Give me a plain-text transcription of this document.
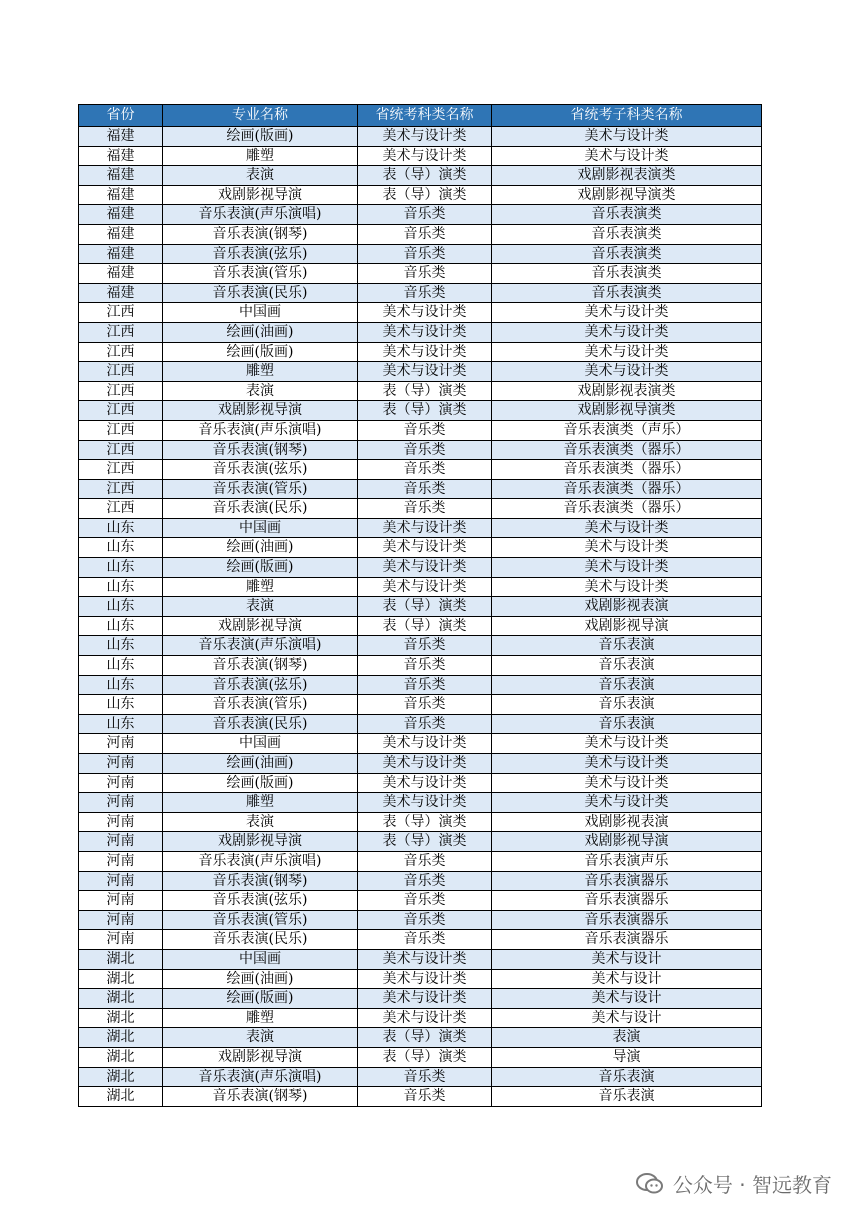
省份	专业名称	省统考科类名称	省统考子科类名称
福建	绘画(版画)	美术与设计类	美术与设计类
福建	雕塑	美术与设计类	美术与设计类
福建	表演	表（导）演类	戏剧影视表演类
福建	戏剧影视导演	表（导）演类	戏剧影视导演类
福建	音乐表演(声乐演唱)	音乐类	音乐表演类
福建	音乐表演(钢琴)	音乐类	音乐表演类
福建	音乐表演(弦乐)	音乐类	音乐表演类
福建	音乐表演(管乐)	音乐类	音乐表演类
福建	音乐表演(民乐)	音乐类	音乐表演类
江西	中国画	美术与设计类	美术与设计类
江西	绘画(油画)	美术与设计类	美术与设计类
江西	绘画(版画)	美术与设计类	美术与设计类
江西	雕塑	美术与设计类	美术与设计类
江西	表演	表（导）演类	戏剧影视表演类
江西	戏剧影视导演	表（导）演类	戏剧影视导演类
江西	音乐表演(声乐演唱)	音乐类	音乐表演类（声乐）
江西	音乐表演(钢琴)	音乐类	音乐表演类（器乐）
江西	音乐表演(弦乐)	音乐类	音乐表演类（器乐）
江西	音乐表演(管乐)	音乐类	音乐表演类（器乐）
江西	音乐表演(民乐)	音乐类	音乐表演类（器乐）
山东	中国画	美术与设计类	美术与设计类
山东	绘画(油画)	美术与设计类	美术与设计类
山东	绘画(版画)	美术与设计类	美术与设计类
山东	雕塑	美术与设计类	美术与设计类
山东	表演	表（导）演类	戏剧影视表演
山东	戏剧影视导演	表（导）演类	戏剧影视导演
山东	音乐表演(声乐演唱)	音乐类	音乐表演
山东	音乐表演(钢琴)	音乐类	音乐表演
山东	音乐表演(弦乐)	音乐类	音乐表演
山东	音乐表演(管乐)	音乐类	音乐表演
山东	音乐表演(民乐)	音乐类	音乐表演
河南	中国画	美术与设计类	美术与设计类
河南	绘画(油画)	美术与设计类	美术与设计类
河南	绘画(版画)	美术与设计类	美术与设计类
河南	雕塑	美术与设计类	美术与设计类
河南	表演	表（导）演类	戏剧影视表演
河南	戏剧影视导演	表（导）演类	戏剧影视导演
河南	音乐表演(声乐演唱)	音乐类	音乐表演声乐
河南	音乐表演(钢琴)	音乐类	音乐表演器乐
河南	音乐表演(弦乐)	音乐类	音乐表演器乐
河南	音乐表演(管乐)	音乐类	音乐表演器乐
河南	音乐表演(民乐)	音乐类	音乐表演器乐
湖北	中国画	美术与设计类	美术与设计
湖北	绘画(油画)	美术与设计类	美术与设计
湖北	绘画(版画)	美术与设计类	美术与设计
湖北	雕塑	美术与设计类	美术与设计
湖北	表演	表（导）演类	表演
湖北	戏剧影视导演	表（导）演类	导演
湖北	音乐表演(声乐演唱)	音乐类	音乐表演
湖北	音乐表演(钢琴)	音乐类	音乐表演
公众号 · 智远教育
